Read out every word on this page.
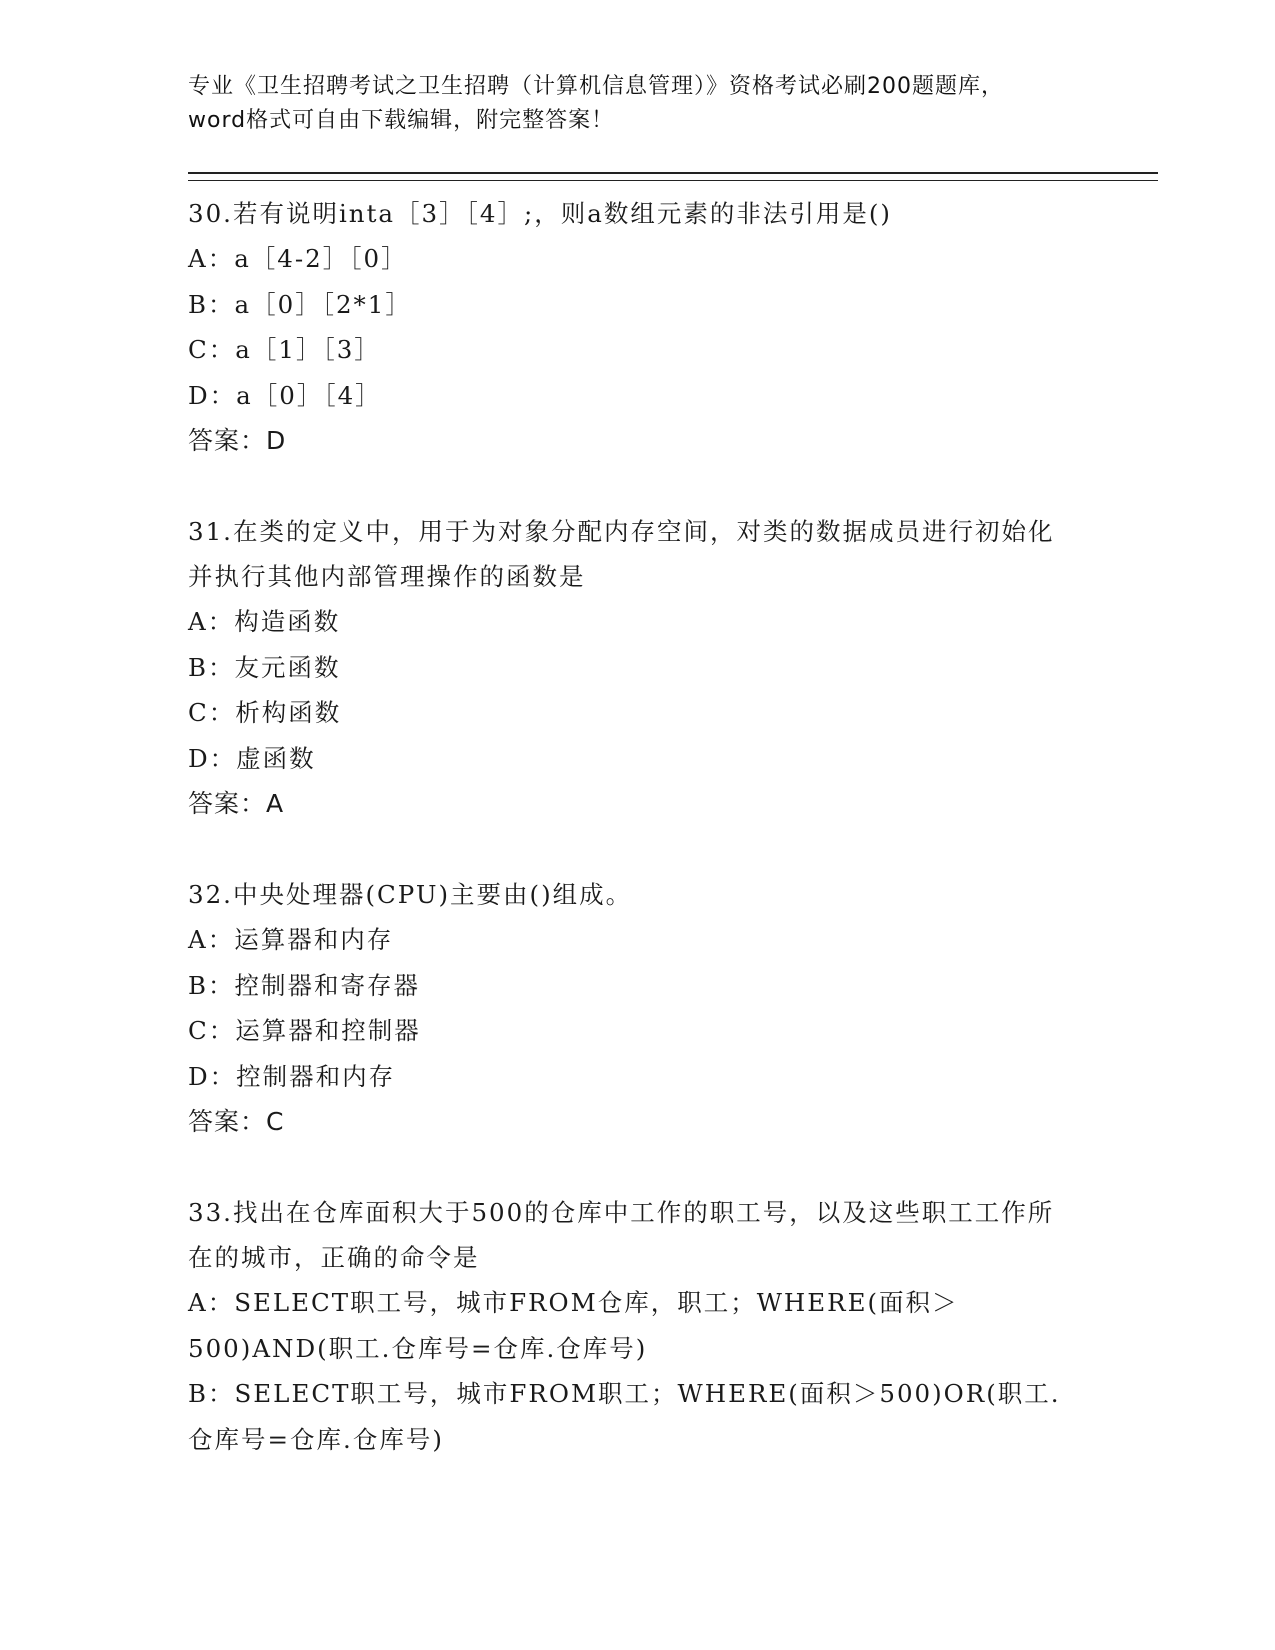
专业《卫生招聘考试之卫生招聘（计算机信息管理）》资格考试必刷200题题库，
word格式可自由下载编辑，附完整答案！
30.若有说明inta［3］［4］;，则a数组元素的非法引用是()
A：a［4-2］［0］
B：a［0］［2*1］
C：a［1］［3］
D：a［0］［4］
答案：D
31.在类的定义中，用于为对象分配内存空间，对类的数据成员进行初始化并执行其他内部管理操作的函数是
A：构造函数
B：友元函数
C：析构函数
D：虚函数
答案：A
32.中央处理器(CPU)主要由()组成。
A：运算器和内存
B：控制器和寄存器
C：运算器和控制器
D：控制器和内存
答案：C
33.找出在仓库面积大于500的仓库中工作的职工号，以及这些职工工作所在的城市，正确的命令是
A：SELECT职工号，城市FROM仓库，职工；WHERE(面积＞500)AND(职工.仓库号=仓库.仓库号)
B：SELECT职工号，城市FROM职工；WHERE(面积＞500)OR(职工.仓库号=仓库.仓库号)
